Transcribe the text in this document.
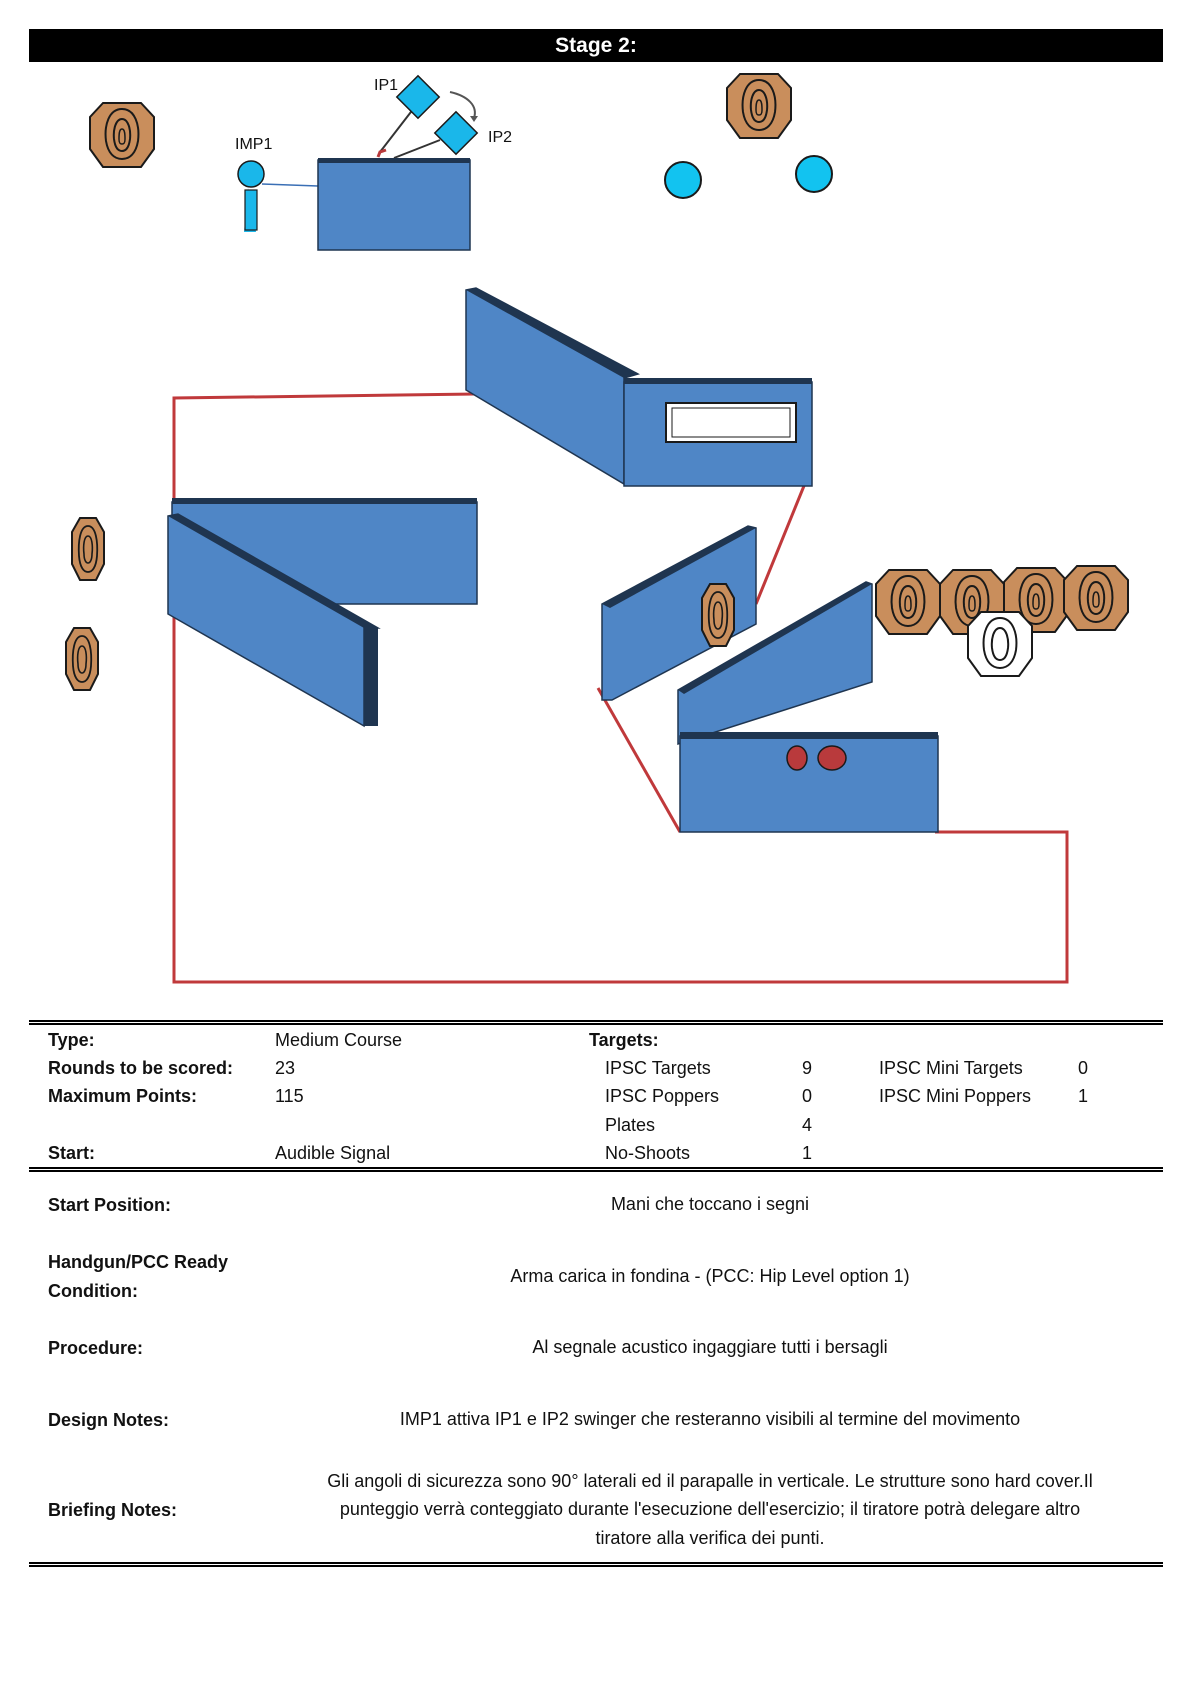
Stage 2:
IMP1
IP1
IP2
Type:	Medium Course
Rounds to be scored: 23
Maximum Points:	115
Start:	Audible Signal
Targets:
IPSC Targets	9
IPSC Poppers	0
Plates	4
No-Shoots	1
IPSC Mini Targets	0
IPSC Mini Poppers	1
Start Position:	Mani che toccano i segni
Handgun/PCC Ready
Condition:
Arma carica in fondina - (PCC: Hip Level option 1)
Procedure:	Al segnale acustico ingaggiare tutti i bersagli
Design Notes:	IMP1 attiva IP1 e IP2 swinger che resteranno visibili al termine del movimento
Briefing Notes:
Gli angoli di sicurezza sono 90° laterali ed il parapalle in verticale. Le strutture sono hard cover.Il
punteggio verrà conteggiato durante l'esecuzione dell'esercizio; il tiratore potrà delegare altro
tiratore alla verifica dei punti.
